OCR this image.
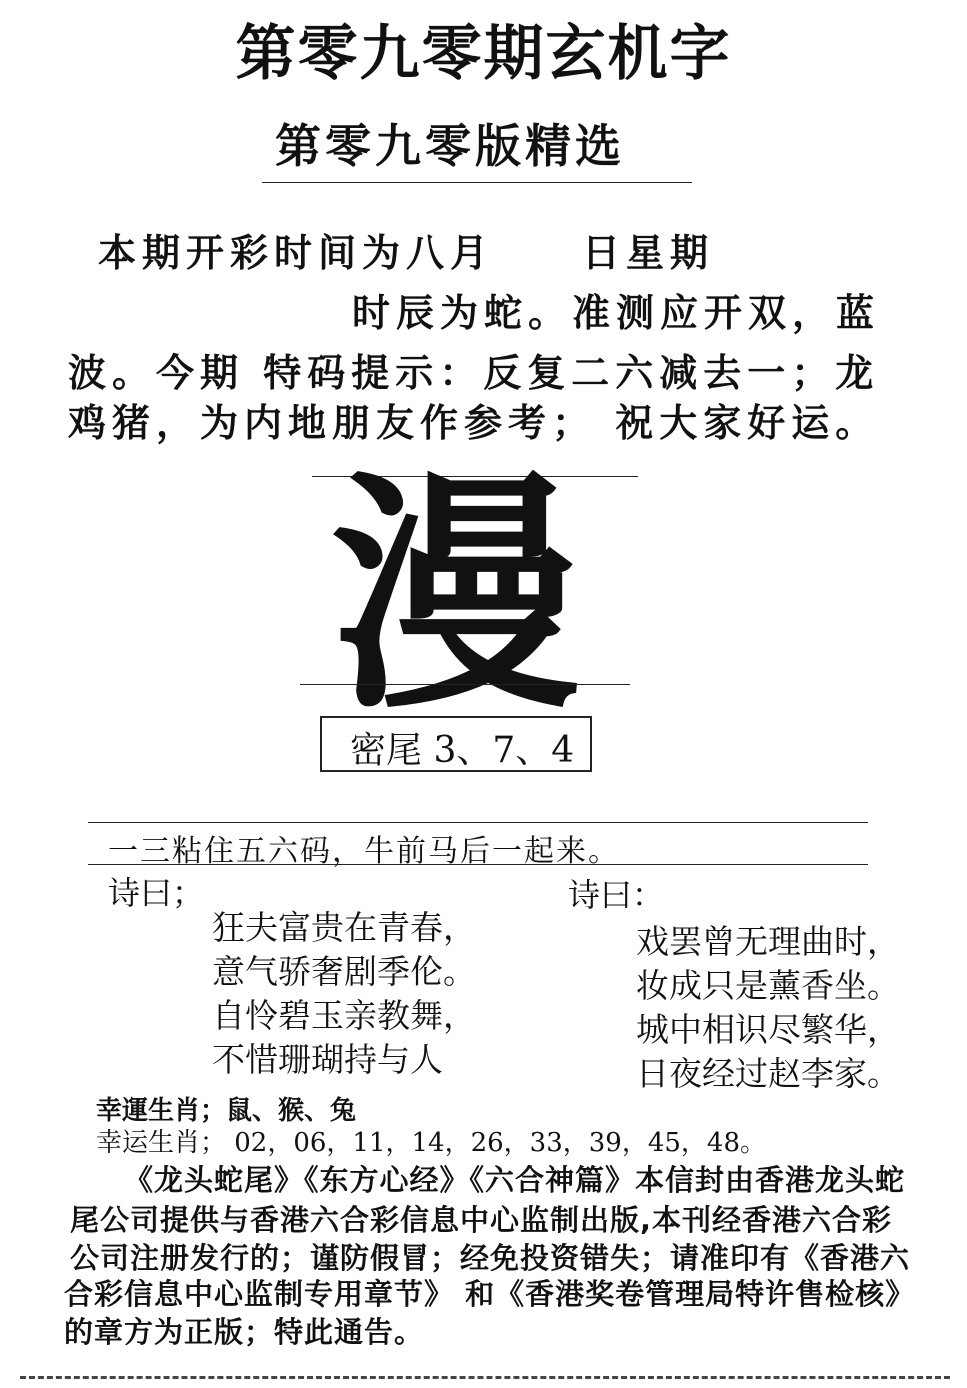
第零九零期玄机字
第零九零版精选
本期开彩时间为八月　　日星期
时辰为蛇。准测应开双，蓝
波。今期 特码提示：反复二六减去一；龙
鸡猪，为内地朋友作参考； 祝大家好运。
漫
密尾 3、7、4
一三粘住五六码，牛前马后一起来。
诗曰；
狂夫富贵在青春，
意气骄奢剧季伦。
自怜碧玉亲教舞，
不惜珊瑚持与人
诗曰：
戏罢曾无理曲时，
妆成只是薰香坐。
城中相识尽繁华，
日夜经过赵李家。
幸運生肖；鼠、猴、兔
幸运生肖； 02，06，11，14，26，33，39，45，48。
《龙头蛇尾》《东方心经》《六合神篇》本信封由香港龙头蛇
尾公司提供与香港六合彩信息中心监制出版,本刊经香港六合彩
公司注册发行的；谨防假冒；经免投资错失；请准印有《香港六
合彩信息中心监制专用章节》 和《香港奖卷管理局特许售检核》
的章方为正版；特此通告。
